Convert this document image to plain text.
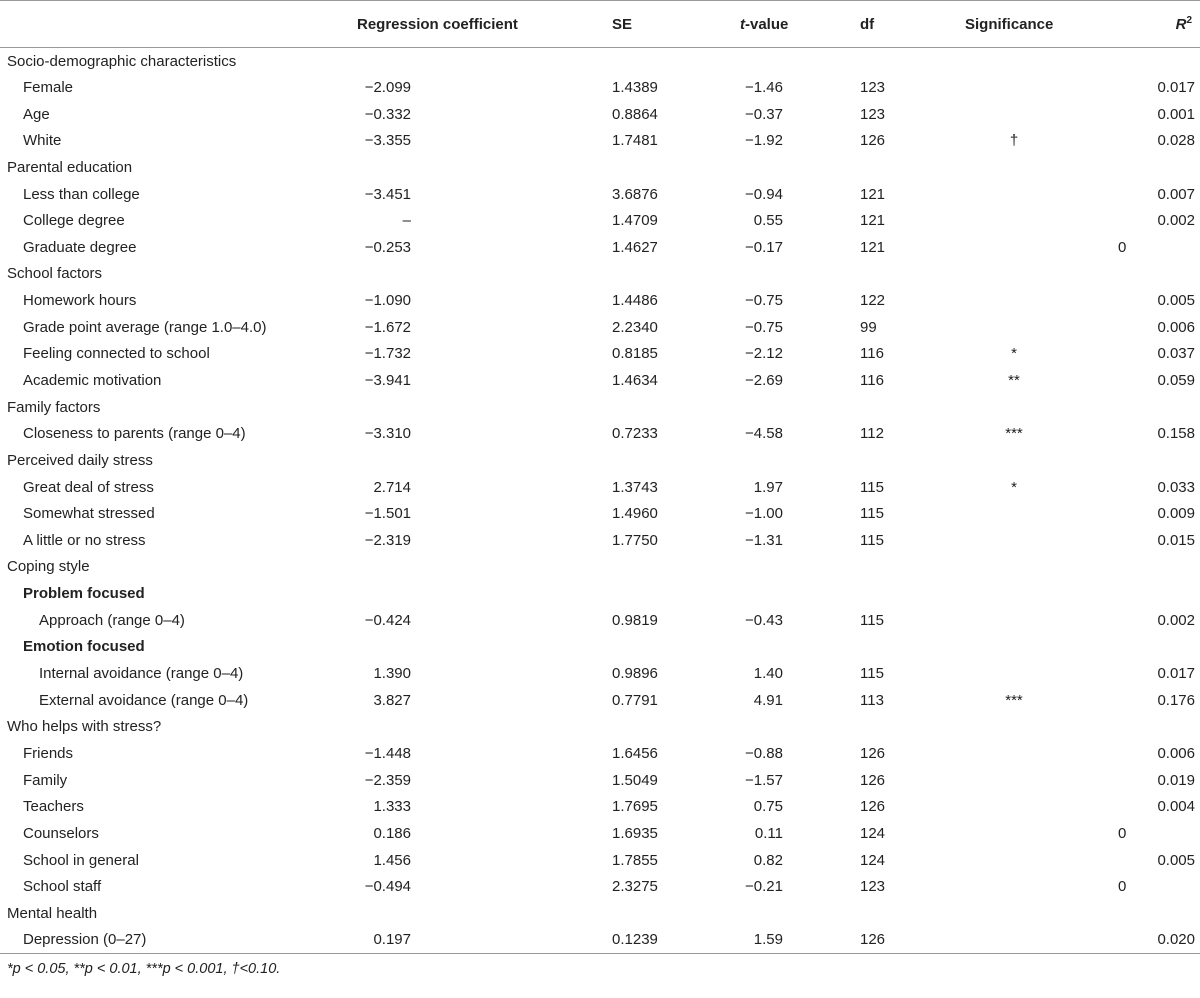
	Regression coefficient	SE	t-value	df	Significance	$R^2$
Socio-demographic characteristics						
Female	−2.099	1.4389	−1.46	123		0.017
Age	−0.332	0.8864	−0.37	123		0.001
White	−3.355	1.7481	−1.92	126	†	0.028
Parental education						
Less than college	−3.451	3.6876	−0.94	121		0.007
College degree	–	1.4709	0.55	121		0.002
Graduate degree	−0.253	1.4627	−0.17	121		0
School factors						
Homework hours	−1.090	1.4486	−0.75	122		0.005
Grade point average (range 1.0–4.0)	−1.672	2.2340	−0.75	99		0.006
Feeling connected to school	−1.732	0.8185	−2.12	116	*	0.037
Academic motivation	−3.941	1.4634	−2.69	116	**	0.059
Family factors						
Closeness to parents (range 0–4)	−3.310	0.7233	−4.58	112	***	0.158
Perceived daily stress						
Great deal of stress	2.714	1.3743	1.97	115	*	0.033
Somewhat stressed	−1.501	1.4960	−1.00	115		0.009
A little or no stress	−2.319	1.7750	−1.31	115		0.015
Coping style						
Problem focused						
Approach (range 0–4)	−0.424	0.9819	−0.43	115		0.002
Emotion focused						
Internal avoidance (range 0–4)	1.390	0.9896	1.40	115		0.017
External avoidance (range 0–4)	3.827	0.7791	4.91	113	***	0.176
Who helps with stress?						
Friends	−1.448	1.6456	−0.88	126		0.006
Family	−2.359	1.5049	−1.57	126		0.019
Teachers	1.333	1.7695	0.75	126		0.004
Counselors	0.186	1.6935	0.11	124		0
School in general	1.456	1.7855	0.82	124		0.005
School staff	−0.494	2.3275	−0.21	123		0
Mental health						
Depression (0–27)	0.197	0.1239	1.59	126		0.020
*p < 0.05, **p < 0.01, ***p < 0.001, †<0.10.
